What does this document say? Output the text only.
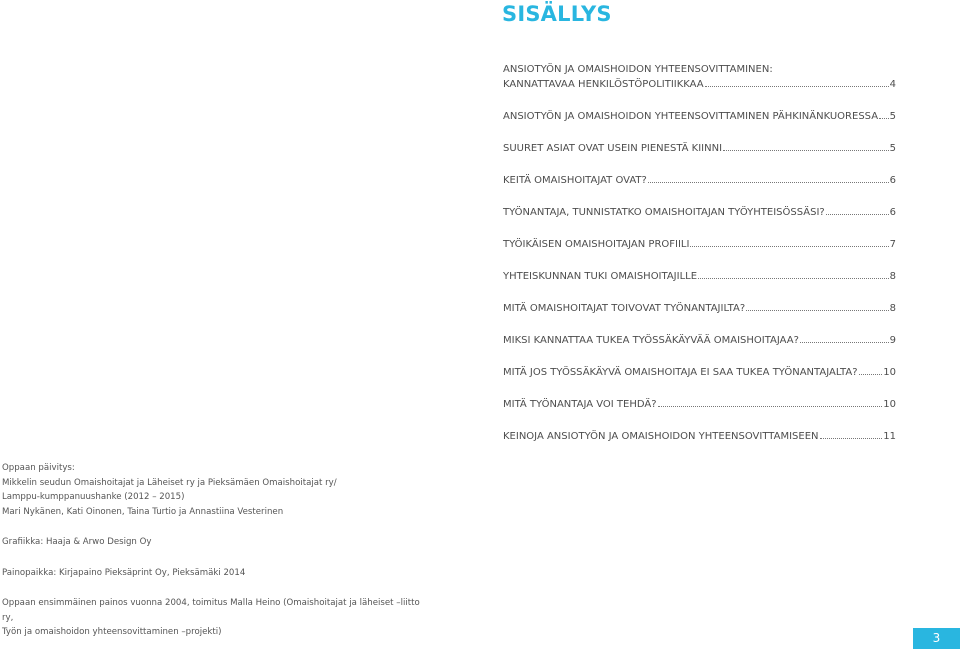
SISÄLLYS
ANSIOTYÖN JA OMAISHOIDON YHTEENSOVITTAMINEN:
KANNATTAVAA HENKILÖSTÖPOLITIIKKAA	4
ANSIOTYÖN JA OMAISHOIDON YHTEENSOVITTAMINEN PÄHKINÄNKUORESSA 5
SUURET ASIAT OVAT USEIN PIENESTÄ KIINNI	5
KEITÄ OMAISHOITAJAT OVAT?	6
TYÖNANTAJA, TUNNISTATKO OMAISHOITAJAN TYÖYHTEISÖSSÄSI?	6
TYÖIKÄISEN OMAISHOITAJAN PROFIILI	7
YHTEISKUNNAN TUKI OMAISHOITAJILLE	8
MITÄ OMAISHOITAJAT TOIVOVAT TYÖNANTAJILTA?	8
MIKSI KANNATTAA TUKEA TYÖSSÄKÄYVÄÄ OMAISHOITAJAA?	9
MITÄ JOS TYÖSSÄKÄYVÄ OMAISHOITAJA EI SAA TUKEA TYÖNANTAJALTA?	10
MITÄ TYÖNANTAJA VOI TEHDÄ?	10
KEINOJA ANSIOTYÖN JA OMAISHOIDON YHTEENSOVITTAMISEEN	11

Oppaan päivitys:
Mikkelin seudun Omaishoitajat ja Läheiset ry ja Pieksämäen Omaishoitajat ry/
Lamppu-kumppanuushanke (2012 – 2015)
Mari Nykänen, Kati Oinonen, Taina Turtio ja Annastiina Vesterinen

Grafiikka: Haaja & Arwo Design Oy

Painopaikka: Kirjapaino Pieksäprint Oy, Pieksämäki 2014

Oppaan ensimmäinen painos vuonna 2004, toimitus Malla Heino (Omaishoitajat ja läheiset –liitto ry,
Työn ja omaishoidon yhteensovittaminen –projekti)	3
